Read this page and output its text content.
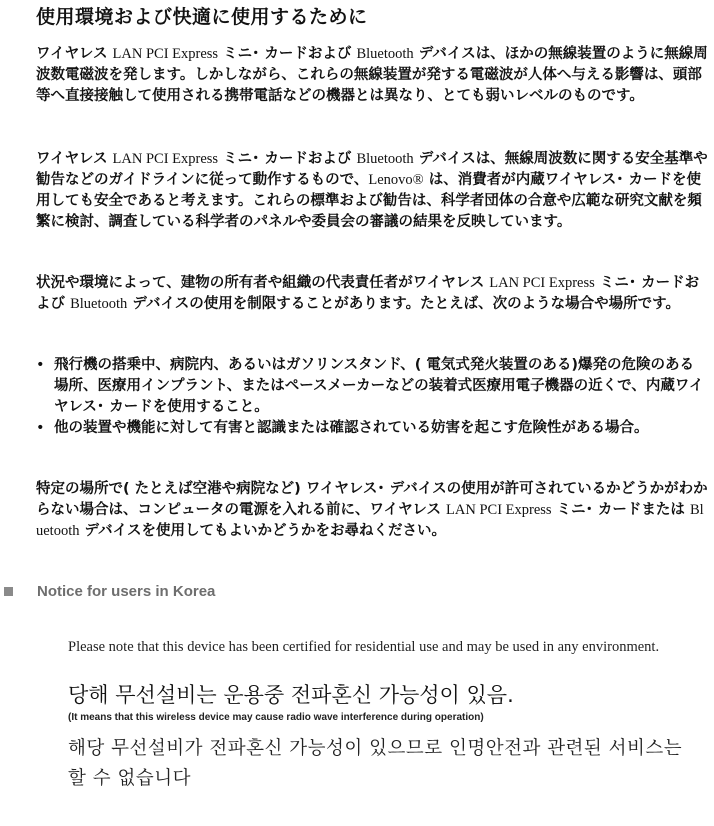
使用環境および快適に使用するために

ワイヤレス LAN PCI Express ミニ･ カードおよび Bluetooth デバイスは、ほかの無線装置のように無線周波数電磁波を発します。しかしながら、これらの無線装置が発する電磁波が人体へ与える影響は、頭部等へ直接接触して使用される携帯電話などの機器とは異なり、とても弱いレベルのものです。

ワイヤレス LAN PCI Express ミニ･ カードおよび Bluetooth デバイスは、無線周波数に関する安全基準や勧告などのガイドラインに従って動作するもので、Lenovo® は、消費者が内蔵ワイヤレス･ カードを使用しても安全であると考えます。これらの標準および勧告は、科学者団体の合意や広範な研究文献を頻繁に検討、調査している科学者のパネルや委員会の審議の結果を反映しています。

状況や環境によって、建物の所有者や組織の代表責任者がワイヤレス LAN PCI Express ミニ･ カードおよび Bluetooth デバイスの使用を制限することがあります。たとえば、次のような場合や場所です。

• 飛行機の搭乗中、病院内、あるいはガソリンスタンド、( 電気式発火装置のある)爆発の危険のある場所、医療用インプラント、またはペースメーカーなどの装着式医療用電子機器の近くで、内蔵ワイヤレス･ カードを使用すること。
• 他の装置や機能に対して有害と認識または確認されている妨害を起こす危険性がある場合。

特定の場所で( たとえば空港や病院など) ワイヤレス･ デバイスの使用が許可されているかどうかがわからない場合は、コンピュータの電源を入れる前に、ワイヤレス LAN PCI Express ミニ･ カードまたは Bluetooth デバイスを使用してもよいかどうかをお尋ねください。

Notice for users in Korea
Please note that this device has been certified for residential use and may be used in any environment.
당해 무선설비는 운용중 전파혼신 가능성이 있음.
(It means that this wireless device may cause radio wave interference during operation)
해당 무선설비가 전파혼신 가능성이 있으므로 인명안전과 관련된 서비스는 할 수 없습니다
